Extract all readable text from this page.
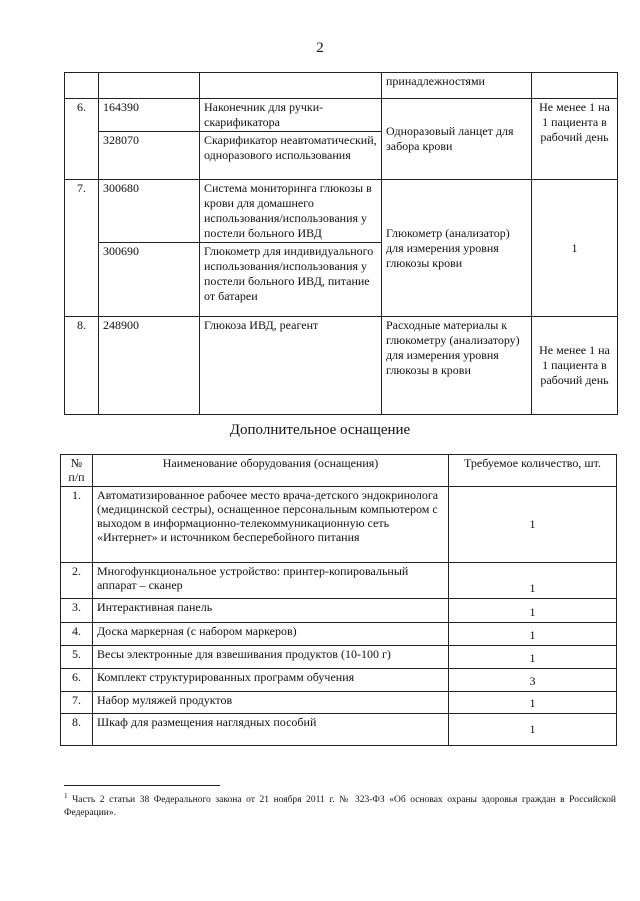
2
			принадлежностями	
6.	164390	Наконечник для ручки-скарификатора	Одноразовый ланцет для забора крови	Не менее 1 на 1 пациента в рабочий день
	328070	Скарификатор неавтоматический, одноразового использования		
7.	300680	Система мониторинга глюкозы в крови для домашнего использования/использования у постели больного ИВД	Глюкометр (анализатор) для измерения уровня глюкозы крови	1
	300690	Глюкометр для индивидуального использования/использования у постели больного ИВД, питание от батареи		
8.	248900	Глюкоза ИВД, реагент	Расходные материалы к глюкометру (анализатору) для измерения уровня глюкозы в крови	Не менее 1 на 1 пациента в рабочий день
Дополнительное оснащение
№ п/п	Наименование оборудования (оснащения)	Требуемое количество, шт.
1.	Автоматизированное рабочее место врача-детского эндокринолога (медицинской сестры), оснащенное персональным компьютером с выходом в информационно-телекоммуникационную сеть «Интернет» и источником бесперебойного питания	1
2.	Многофункциональное устройство: принтер-копировальный аппарат – сканер	1
3.	Интерактивная панель	1
4.	Доска маркерная (с набором маркеров)	1
5.	Весы электронные для взвешивания продуктов (10-100 г)	1
6.	Комплект структурированных программ обучения	3
7.	Набор муляжей продуктов	1
8.	Шкаф для размещения наглядных пособий	1
$^1$ Часть 2 статьи 38 Федерального закона от 21 ноября 2011 г. № 323-ФЗ «Об основах охраны здоровья граждан в Российской Федерации».
